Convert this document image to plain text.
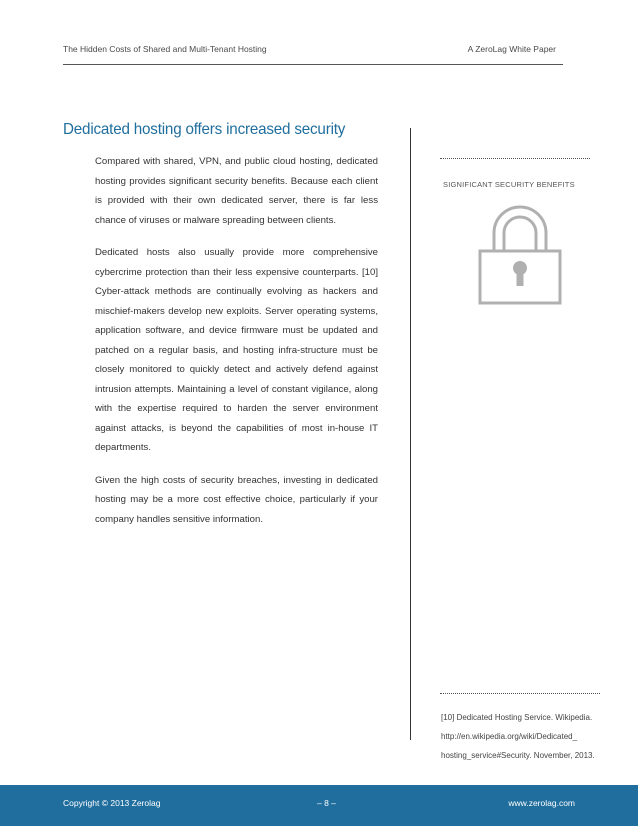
The Hidden Costs of Shared and Multi-Tenant Hosting	A ZeroLag White Paper
Dedicated hosting offers increased security

Compared with shared, VPN, and public cloud hosting, dedicated hosting provides significant security benefits. Because each client is provided with their own dedicated server, there is far less chance of viruses or malware spreading between clients.

Dedicated hosts also usually provide more comprehensive cybercrime protection than their less expensive counterparts. [10] Cyber-attack methods are continually evolving as hackers and mischief-makers develop new exploits. Server operating systems, application software, and device firmware must be updated and patched on a regular basis, and hosting infra-structure must be closely monitored to quickly detect and actively defend against intrusion attempts. Maintaining a level of constant vigilance, along with the expertise required to harden the server environment against attacks, is beyond the capabilities of most in-house IT departments.

Given the high costs of security breaches, investing in dedicated hosting may be a more cost effective choice, particularly if your company handles sensitive information.

SIGNIFICANT SECURITY BENEFITS
[10] Dedicated Hosting Service. Wikipedia.
http://en.wikipedia.org/wiki/Dedicated_
hosting_service#Security. November, 2013.
Copyright © 2013 Zerolag	– 8 –	www.zerolag.com
